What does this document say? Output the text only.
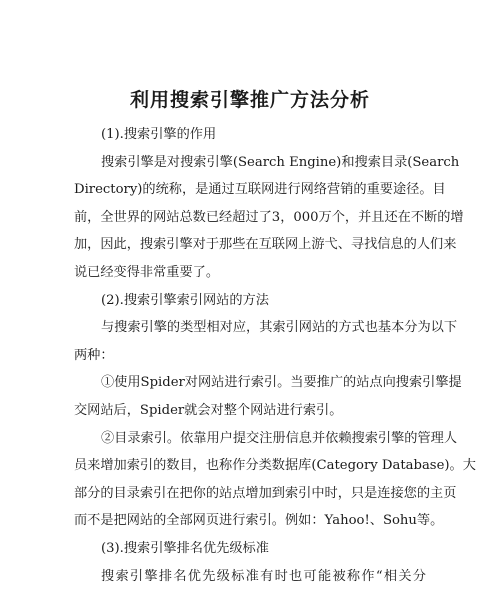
利用搜索引擎推广方法分析
(1).搜索引擎的作用
搜索引擎是对搜索引擎(Search Engine)和搜索目录(Search
Directory)的统称，是通过互联网进行网络营销的重要途径。目
前，全世界的网站总数已经超过了3，000万个，并且还在不断的增
加，因此，搜索引擎对于那些在互联网上游弋、寻找信息的人们来
说已经变得非常重要了。
(2).搜索引擎索引网站的方法
与搜索引擎的类型相对应，其索引网站的方式也基本分为以下
两种：
①使用Spider对网站进行索引。当要推广的站点向搜索引擎提
交网站后，Spider就会对整个网站进行索引。
②目录索引。依靠用户提交注册信息并依赖搜索引擎的管理人
员来增加索引的数目，也称作分类数据库(Category Database)。大
部分的目录索引在把你的站点增加到索引中时，只是连接您的主页
而不是把网站的全部网页进行索引。例如：Yahoo!、Sohu等。
(3).搜索引擎排名优先级标准
搜索引擎排名优先级标准有时也可能被称作“相关分
